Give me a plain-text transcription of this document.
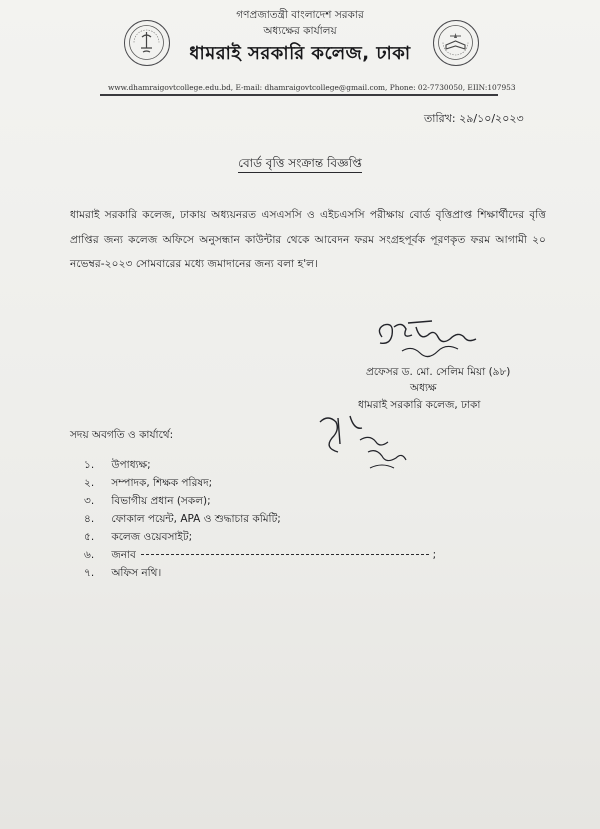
গণপ্রজাতন্ত্রী বাংলাদেশ সরকার
অধ্যক্ষের কার্যালয়
ধামরাই সরকারি কলেজ, ঢাকা
www.dhamraigovtcollege.edu.bd, E-mail: dhamraigovtcollege@gmail.com, Phone: 02-7730050, EIIN:107953
তারিখ: ২৯/১০/২০২৩
বোর্ড বৃত্তি সংক্রান্ত বিজ্ঞপ্তি
ধামরাই সরকারি কলেজ, ঢাকায় অধ্যয়নরত এসএসসি ও এইচএসসি পরীক্ষায় বোর্ড বৃত্তিপ্রাপ্ত শিক্ষার্থীদের বৃত্তি প্রাপ্তির জন্য কলেজ অফিসে অনুসন্ধান কাউন্টার থেকে আবেদন ফরম সংগ্রহপূর্বক পূরণকৃত ফরম আগামী ২০ নভেম্বর-২০২৩ সোমবারের মধ্যে জমাদানের জন্য বলা হ'ল।
প্রফেসর ড. মো. সেলিম মিয়া (৯৮)
অধ্যক্ষ
ধামরাই সরকারি কলেজ, ঢাকা
সদয় অবগতি ও কার্যার্থে:
১. উপাধ্যক্ষ;
২. সম্পাদক, শিক্ষক পরিষদ;
৩. বিভাগীয় প্রধান (সকল);
৪. ফোকাল পয়েন্ট, APA ও শুদ্ধাচার কমিটি;
৫. কলেজ ওয়েবসাইট;
৬. জনাব	;
৭. অফিস নথি।
